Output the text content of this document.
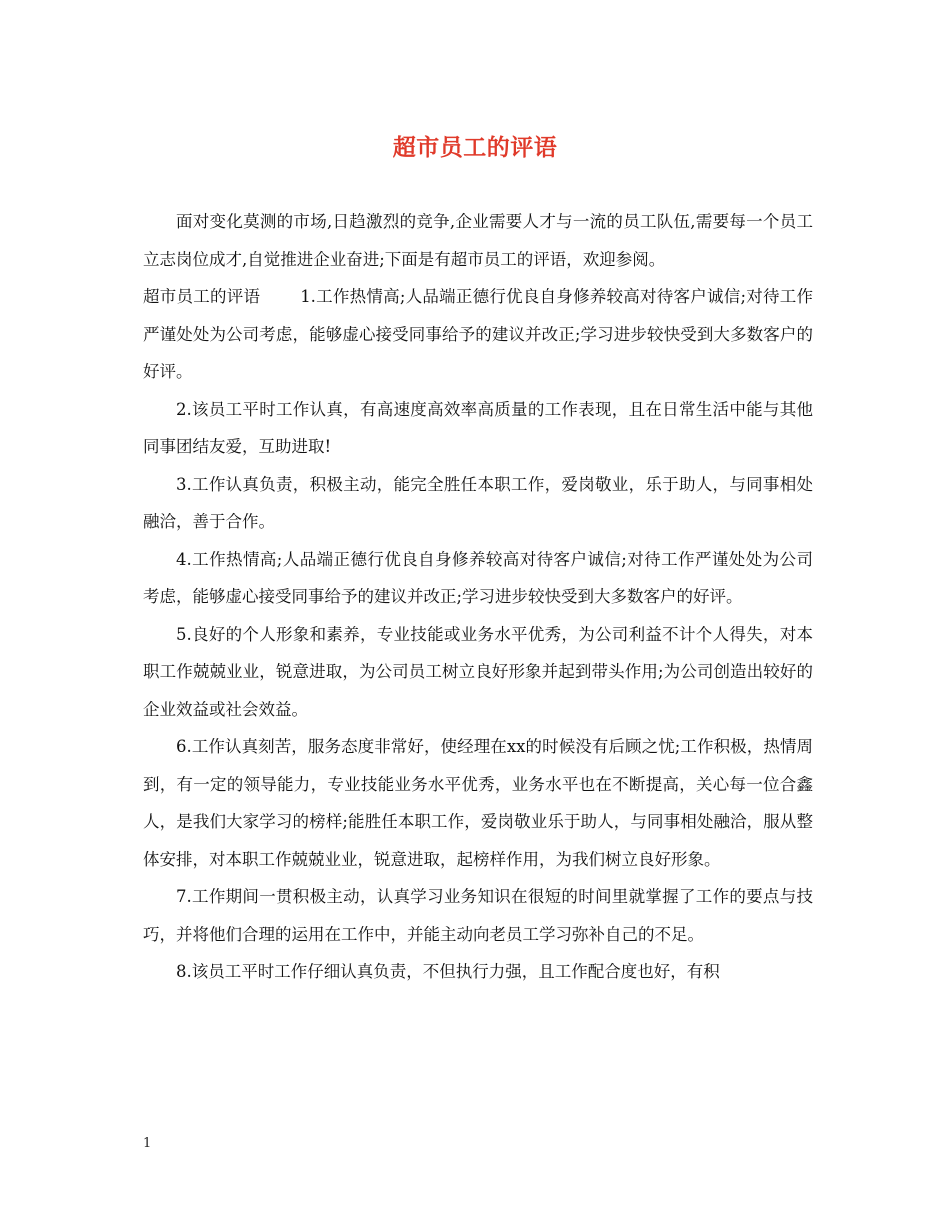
超市员工的评语

面对变化莫测的市场,日趋激烈的竞争,企业需要人才与一流的员工队伍,需要每一个员工立志岗位成才,自觉推进企业奋进;下面是有超市员工的评语，欢迎参阅。

超市员工的评语 1.工作热情高;人品端正德行优良自身修养较高对待客户诚信;对待工作严谨处处为公司考虑，能够虚心接受同事给予的建议并改正;学习进步较快受到大多数客户的好评。

2.该员工平时工作认真，有高速度高效率高质量的工作表现，且在日常生活中能与其他同事团结友爱，互助进取!

3.工作认真负责，积极主动，能完全胜任本职工作，爱岗敬业，乐于助人，与同事相处融洽，善于合作。

4.工作热情高;人品端正德行优良自身修养较高对待客户诚信;对待工作严谨处处为公司考虑，能够虚心接受同事给予的建议并改正;学习进步较快受到大多数客户的好评。

5.良好的个人形象和素养，专业技能或业务水平优秀，为公司利益不计个人得失，对本职工作兢兢业业，锐意进取，为公司员工树立良好形象并起到带头作用;为公司创造出较好的企业效益或社会效益。

6.工作认真刻苦，服务态度非常好，使经理在xx的时候没有后顾之忧;工作积极，热情周到，有一定的领导能力，专业技能业务水平优秀，业务水平也在不断提高，关心每一位合鑫人，是我们大家学习的榜样;能胜任本职工作，爱岗敬业乐于助人，与同事相处融洽，服从整体安排，对本职工作兢兢业业，锐意进取，起榜样作用，为我们树立良好形象。

7.工作期间一贯积极主动，认真学习业务知识在很短的时间里就掌握了工作的要点与技巧，并将他们合理的运用在工作中，并能主动向老员工学习弥补自己的不足。

8.该员工平时工作仔细认真负责，不但执行力强，且工作配合度也好，有积

1
